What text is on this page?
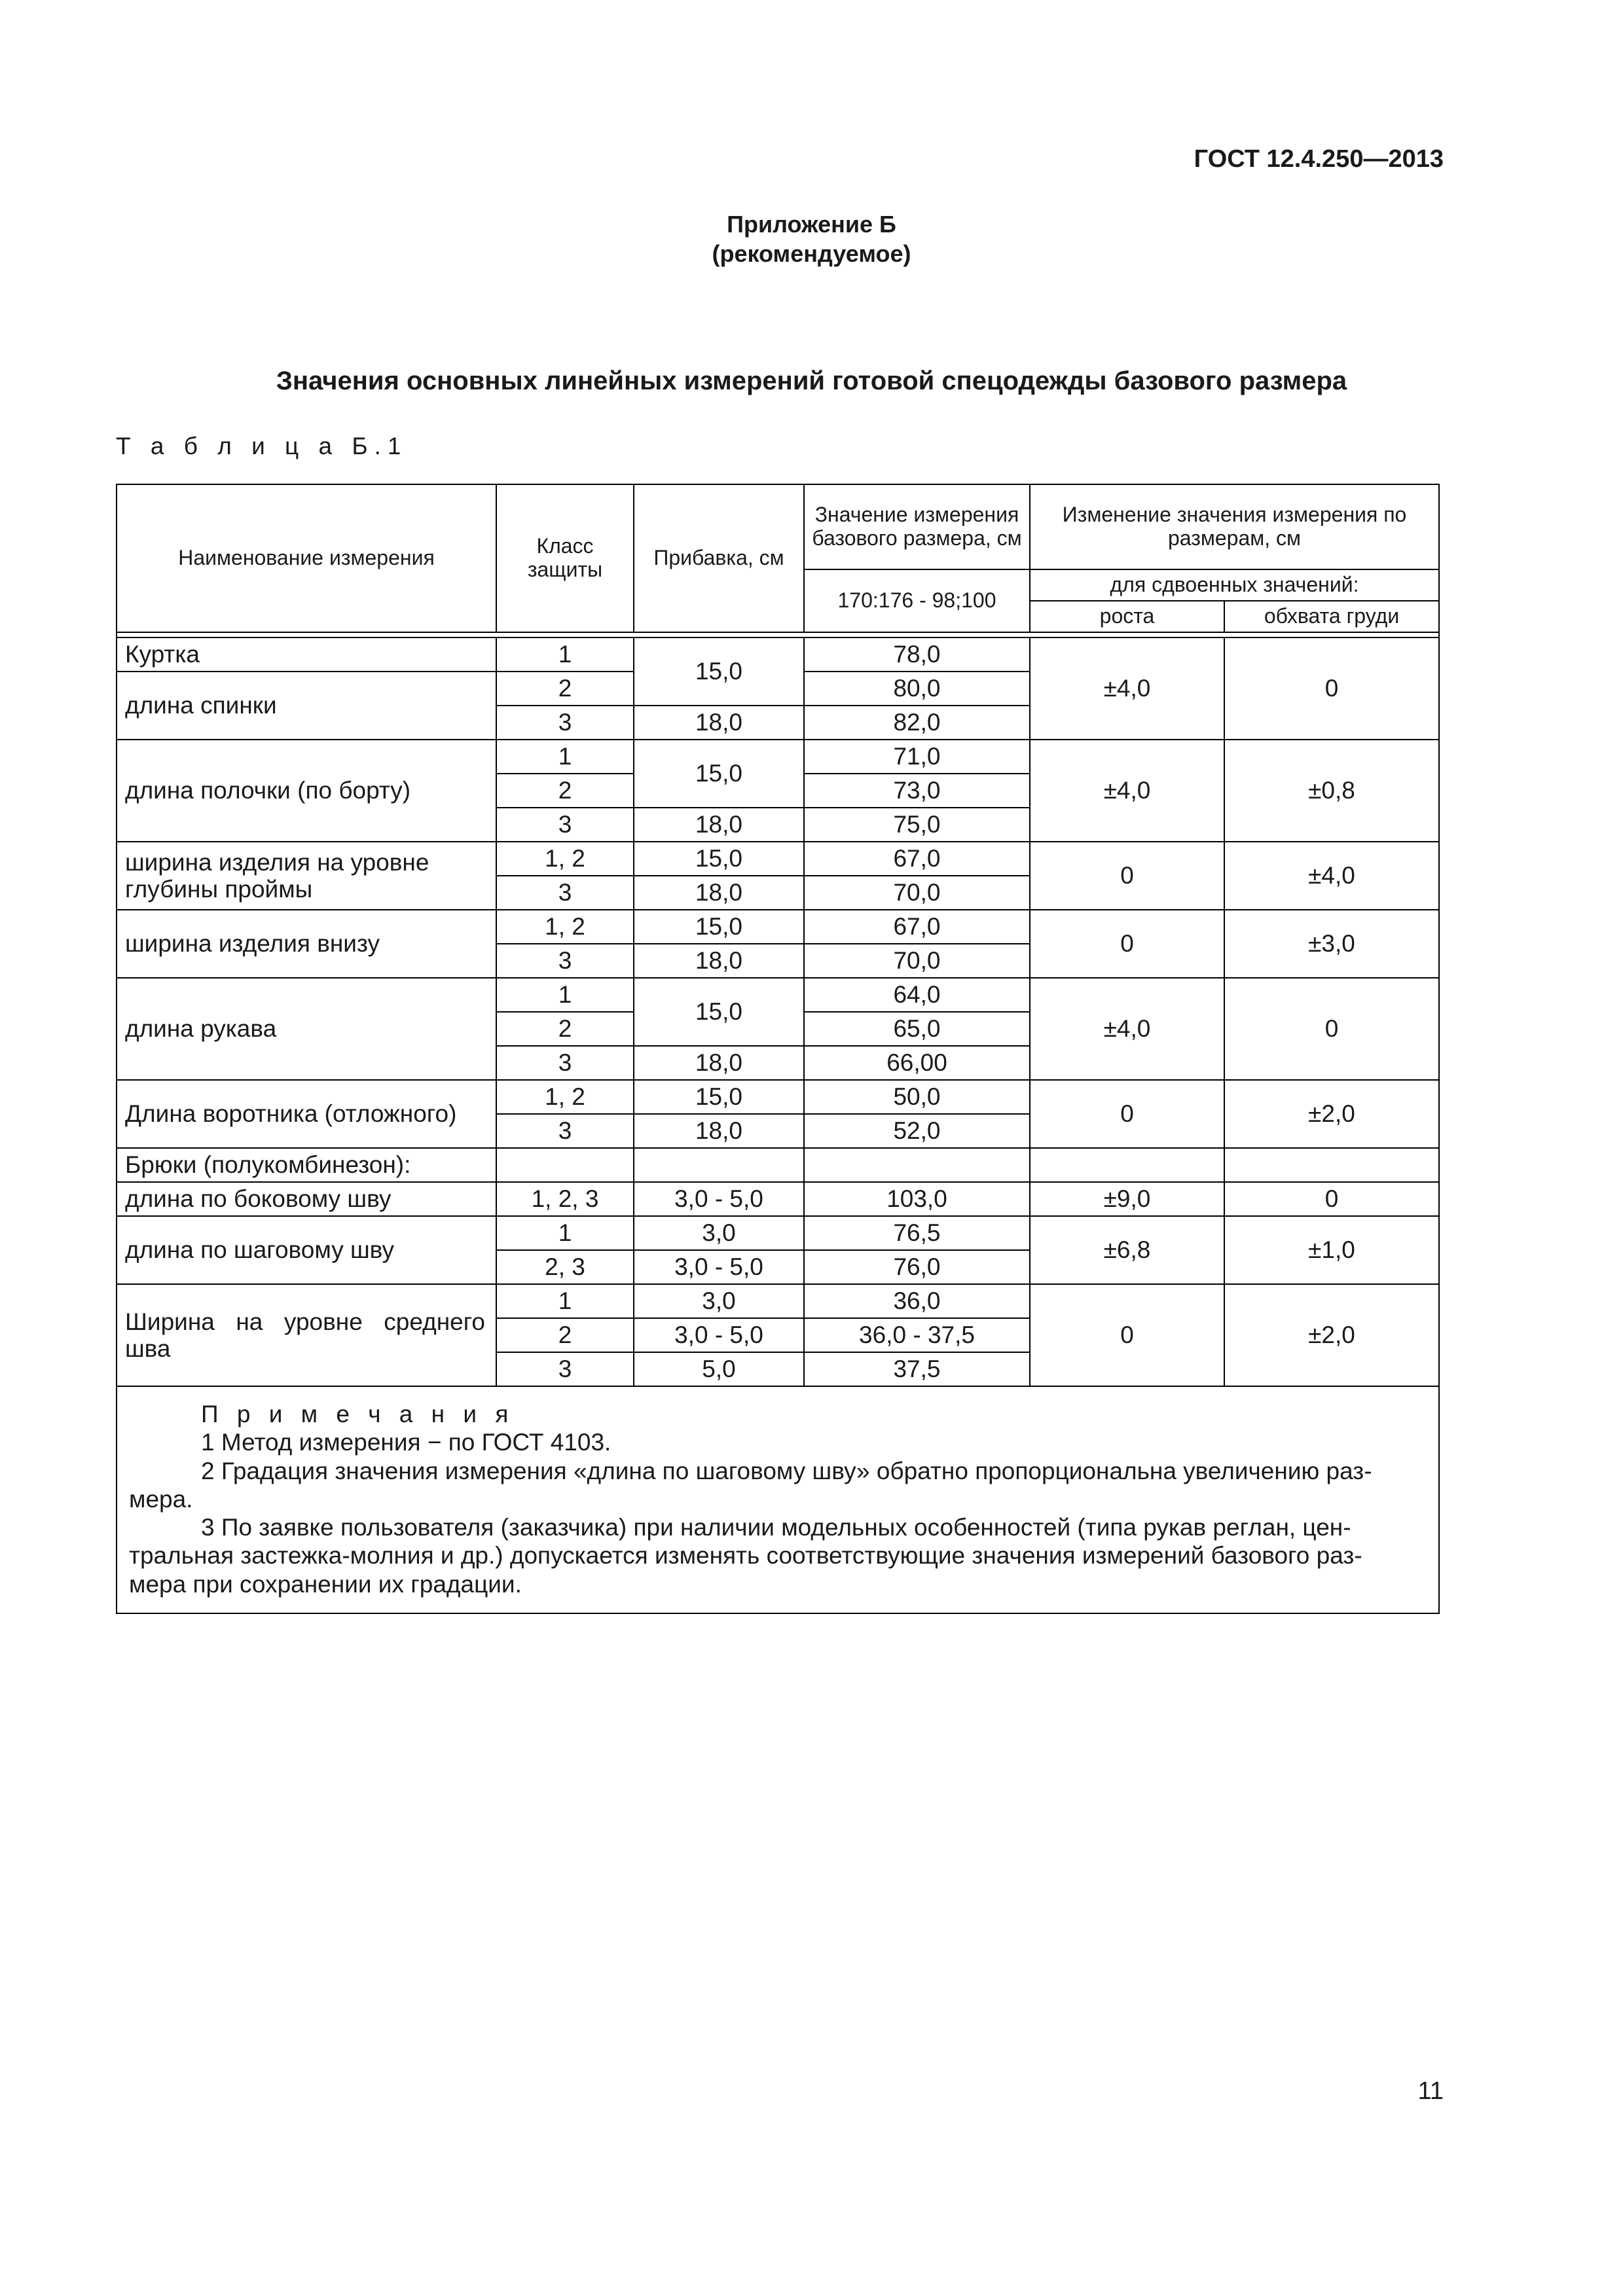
ГОСТ 12.4.250—2013
Приложение Б
(рекомендуемое)
Значения основных линейных измерений готовой спецодежды базового размера
Т а б л и ц а Б.1
Наименование измерения	Класс защиты	Прибавка, см	Значение измерения базового размера, см	Изменение значения измерения по размерам, см	
			170:176 - 98;100	для сдвоенных значений:	
				роста	обхвата груди

Куртка	1	15,0	78,0	±4,0	0
длина спинки	2		80,0		
	3	18,0	82,0		
длина полочки (по борту)	1	15,0	71,0	±4,0	±0,8
	2		73,0		
	3	18,0	75,0		
ширина изделия на уровне глубины проймы	1, 2	15,0	67,0	0	±4,0
	3	18,0	70,0		
ширина изделия внизу	1, 2	15,0	67,0	0	±3,0
	3	18,0	70,0		
длина рукава	1	15,0	64,0	±4,0	0
	2		65,0		
	3	18,0	66,00		
Длина воротника (отложного)	1, 2	15,0	50,0	0	±2,0
	3	18,0	52,0		
Брюки (полукомбинезон):					
длина по боковому шву	1, 2, 3	3,0 - 5,0	103,0	±9,0	0
длина по шаговому шву	1	3,0	76,5	±6,8	±1,0
	2, 3	3,0 - 5,0	76,0		
Ширина на уровне среднего шва	1	3,0	36,0	0	±2,0
	2	3,0 - 5,0	36,0 - 37,5		
	3	5,0	37,5		

П р и м е ч а н и я
1 Метод измерения − по ГОСТ 4103.
2 Градация значения измерения «длина по шаговому шву» обратно пропорциональна увеличению раз-мера.
3 По заявке пользователя (заказчика) при наличии модельных особенностей (типа рукав реглан, цен-тральная застежка-молния и др.) допускается изменять соответствующие значения измерений базового раз-мера при сохранении их градации.					
11
